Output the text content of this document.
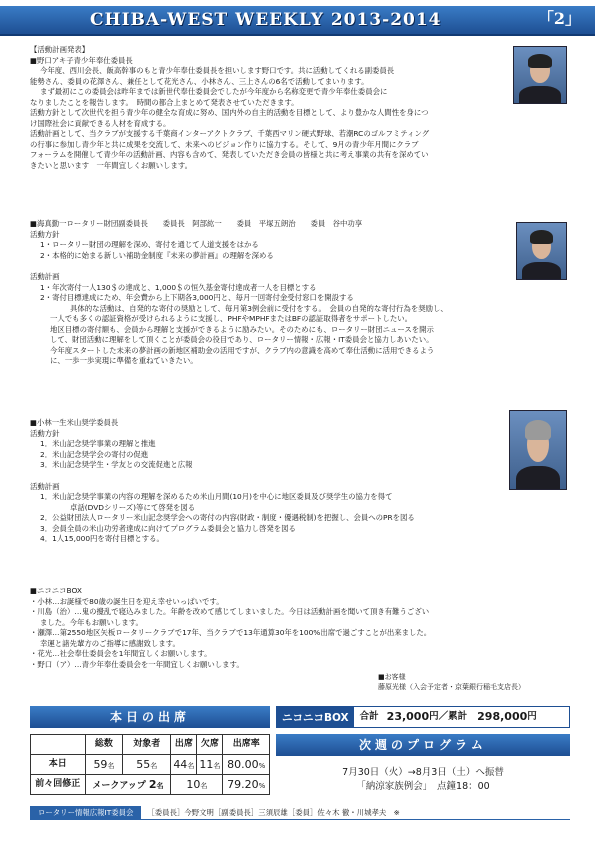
CHIBA-WEST WEEKLY 2013-2014	「2」

【活動計画発表】

■野口アキ子青少年奉仕委員長

今年度、西川会長、飯高幹事のもと青少年奉仕委員長を担いします野口です。共に活動してくれる副委員長

能勢さん、委員の花澤さん、兼任として花光さん、小林さん、三上さんの6名で活動してまいります。

まず最初にこの委員会は昨年までは新世代奉仕委員会でしたが今年度から名称変更で青少年奉仕委員会に

なりましたことを報告します。　時間の都合上まとめて発表させていただきます。

活動方針として次世代を担う青少年の健全な育成に努め、国内外の自主的活動を目標として、より豊かな人間性を身につ

け国際社会に貢献できる人材を育成する。

活動計画として、当クラブが支援する千葉商インターアクトクラブ、千葉西マリン硬式野球、若潮RCのゴルフミティング

の行事に参加し青少年と共に成果を交流して、未来へのビジョン作りに協力する。そして、9月の青少年月間にクラブ

フォーラムを開催して青少年の活動計画、内容も含めて、発表していただき会員の皆様と共に考え事業の共有を深めてい

きたいと思います　一年間宜しくお願いします。

■海真勤一ロータリー財団副委員長　　委員長　阿部紘一　　委員　平塚五朗治　　委員　谷中功享

活動方針

1・ロータリー財団の理解を深め、寄付を通じて人道支援をはかる

2・本格的に始まる新しい補助金制度『未来の夢計画』の理解を深める

活動計画

1・年次寄付一人130＄の達成と、1,000＄の恒久基金寄付達成者一人を目標とする

2・寄付目標達成にため、年会費から上下期各3,000円と、毎月一回寄付金受付窓口を開設する

具体的な活動は、自発的な寄付の奨励として、毎月第3例会前に受付をする。　会員の自発的な寄付行為を奨励し、

一人でも多くの認証資格が受けられるように支援し、PHFやMPHFまたはBFの認証取得者をサポートしたい。

地区目標の寄付額も、会員から理解と支援ができるように励みたい。そのためにも、ロータリー財団ニュースを開示

して、財団活動に理解をして頂くことが委員会の役目であり、ロータリー情報・広報・IT委員会と協力しあいたい。

今年度スタートした未来の夢計画の新地区補助金の活用ですが、クラブ内の意識を高めて奉仕活動に活用できるよう

に、一歩一歩実現に準備を重ねていきたい。

■小林一生米山奨学委員長

活動方針

1．米山記念奨学事業の理解と推進

2．米山記念奨学会の寄付の促進

3．米山記念奨学生・学友との交流促進と広報

活動計画

1．米山記念奨学事業の内容の理解を深めるため米山月間(10月)を中心に地区委員及び奨学生の協力を得て

卓話(DVDシリーズ)等にて啓発を図る

2．公益財団法人ロータリー米山記念奨学会への寄付の内容(財政・制度・優遇税制)を把握し、会員へのPRを図る

3．会員全員の米山功労者達成に向けてプログラム委員会と協力し啓発を図る

4．1人15,000円を寄付目標とする。

■ニコニコBOX

・小林…お誕様で80歳の誕生日を迎え幸せいっぱいです。

・川島（治）…鬼の攪乱で寝込みました。年齢を改めて感じてしまいました。今日は活動計画を聞いて頂き有難うござい

ました。今年もお願いします。

・瀬澤…第2550地区矢板ロータリークラブで17年、当クラブで13年通算30年を100%出席で過ごすことが出来ました。

幸運と諸先輩方のご指導に感謝致します。

・花光…社会奉仕委員会を1年間宜しくお願いします。

・野口（ア）…青少年奉仕委員会を一年間宜しくお願いします。

■お客様

藤原光様（入会予定者・京葉銀行稲毛支店長）

本日の出席
	総数	対象者	出席	欠席	出席率
本日	59名	55名	44名	11名	80.00%
前々回修正	メークアップ 2名		10名		79.20%
ニコニコBOX	合計 23,000 円 ／累計 298,000 円
次週のプログラム

7月30日（火）→8月3日（土）へ振替

「納涼家族例会」　点鐘18：00

ロータリー情報広報IT委員会	［委員長］今野文明［副委員長］三須辰雄［委員］佐々木 徹・川城孝夫　※
